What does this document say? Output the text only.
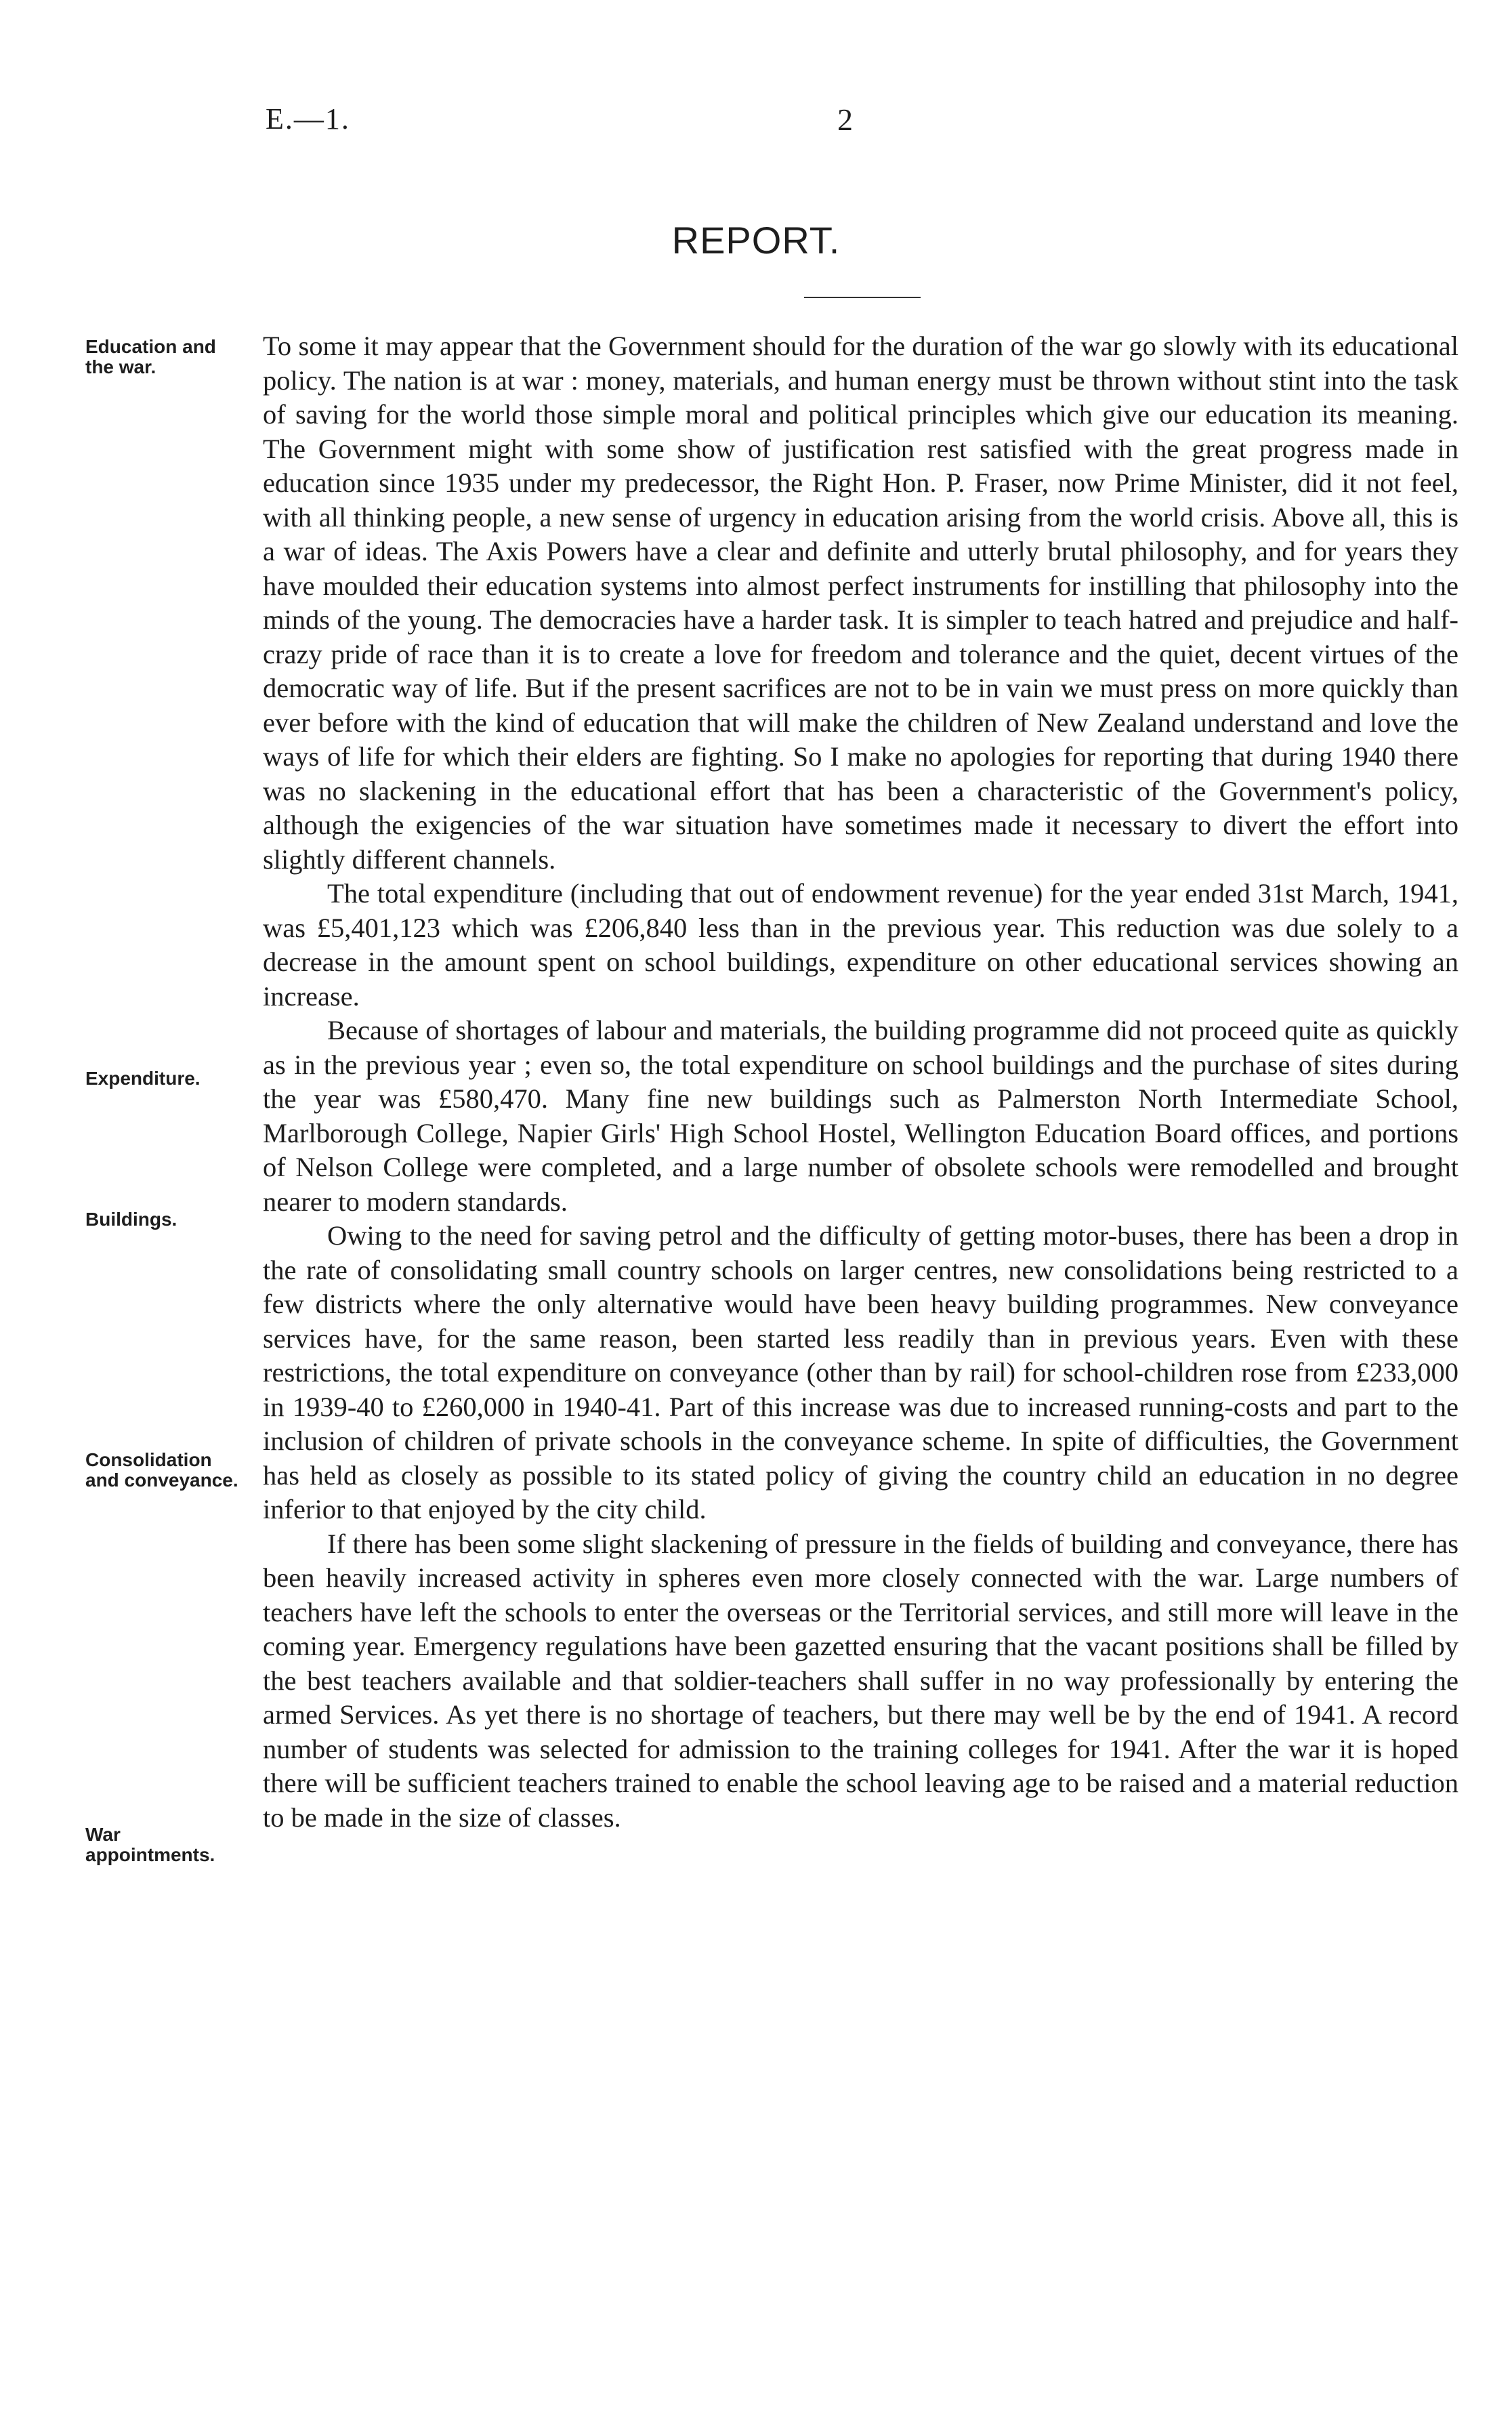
E.—1.	2
REPORT.
Education and the war.
Expenditure.
Buildings.
Consolidation and conveyance.
War appointments.

To some it may appear that the Government should for the duration of the war go slowly with its educational policy. The nation is at war : money, materials, and human energy must be thrown without stint into the task of saving for the world those simple moral and political principles which give our education its meaning. The Government might with some show of justification rest satisfied with the great progress made in education since 1935 under my predecessor, the Right Hon. P. Fraser, now Prime Minister, did it not feel, with all thinking people, a new sense of urgency in education arising from the world crisis. Above all, this is a war of ideas. The Axis Powers have a clear and definite and utterly brutal philosophy, and for years they have moulded their education systems into almost perfect instruments for instilling that philosophy into the minds of the young. The democracies have a harder task. It is simpler to teach hatred and prejudice and half-crazy pride of race than it is to create a love for freedom and tolerance and the quiet, decent virtues of the democratic way of life. But if the present sacrifices are not to be in vain we must press on more quickly than ever before with the kind of education that will make the children of New Zealand understand and love the ways of life for which their elders are fighting. So I make no apologies for reporting that during 1940 there was no slackening in the educational effort that has been a characteristic of the Government's policy, although the exigencies of the war situation have sometimes made it necessary to divert the effort into slightly different channels.

The total expenditure (including that out of endowment revenue) for the year ended 31st March, 1941, was £5,401,123 which was £206,840 less than in the previous year. This reduction was due solely to a decrease in the amount spent on school buildings, expenditure on other educational services showing an increase.

Because of shortages of labour and materials, the building programme did not proceed quite as quickly as in the previous year ; even so, the total expenditure on school buildings and the purchase of sites during the year was £580,470. Many fine new buildings such as Palmerston North Intermediate School, Marlborough College, Napier Girls' High School Hostel, Wellington Education Board offices, and portions of Nelson College were completed, and a large number of obsolete schools were remodelled and brought nearer to modern standards.

Owing to the need for saving petrol and the difficulty of getting motor-buses, there has been a drop in the rate of consolidating small country schools on larger centres, new consolidations being restricted to a few districts where the only alternative would have been heavy building programmes. New conveyance services have, for the same reason, been started less readily than in previous years. Even with these restrictions, the total expenditure on conveyance (other than by rail) for school-children rose from £233,000 in 1939-40 to £260,000 in 1940-41. Part of this increase was due to increased running-costs and part to the inclusion of children of private schools in the conveyance scheme. In spite of difficulties, the Government has held as closely as possible to its stated policy of giving the country child an education in no degree inferior to that enjoyed by the city child.

If there has been some slight slackening of pressure in the fields of building and conveyance, there has been heavily increased activity in spheres even more closely connected with the war. Large numbers of teachers have left the schools to enter the overseas or the Territorial services, and still more will leave in the coming year. Emergency regulations have been gazetted ensuring that the vacant positions shall be filled by the best teachers available and that soldier-teachers shall suffer in no way professionally by entering the armed Services. As yet there is no shortage of teachers, but there may well be by the end of 1941. A record number of students was selected for admission to the training colleges for 1941. After the war it is hoped there will be sufficient teachers trained to enable the school leaving age to be raised and a material reduction to be made in the size of classes.
